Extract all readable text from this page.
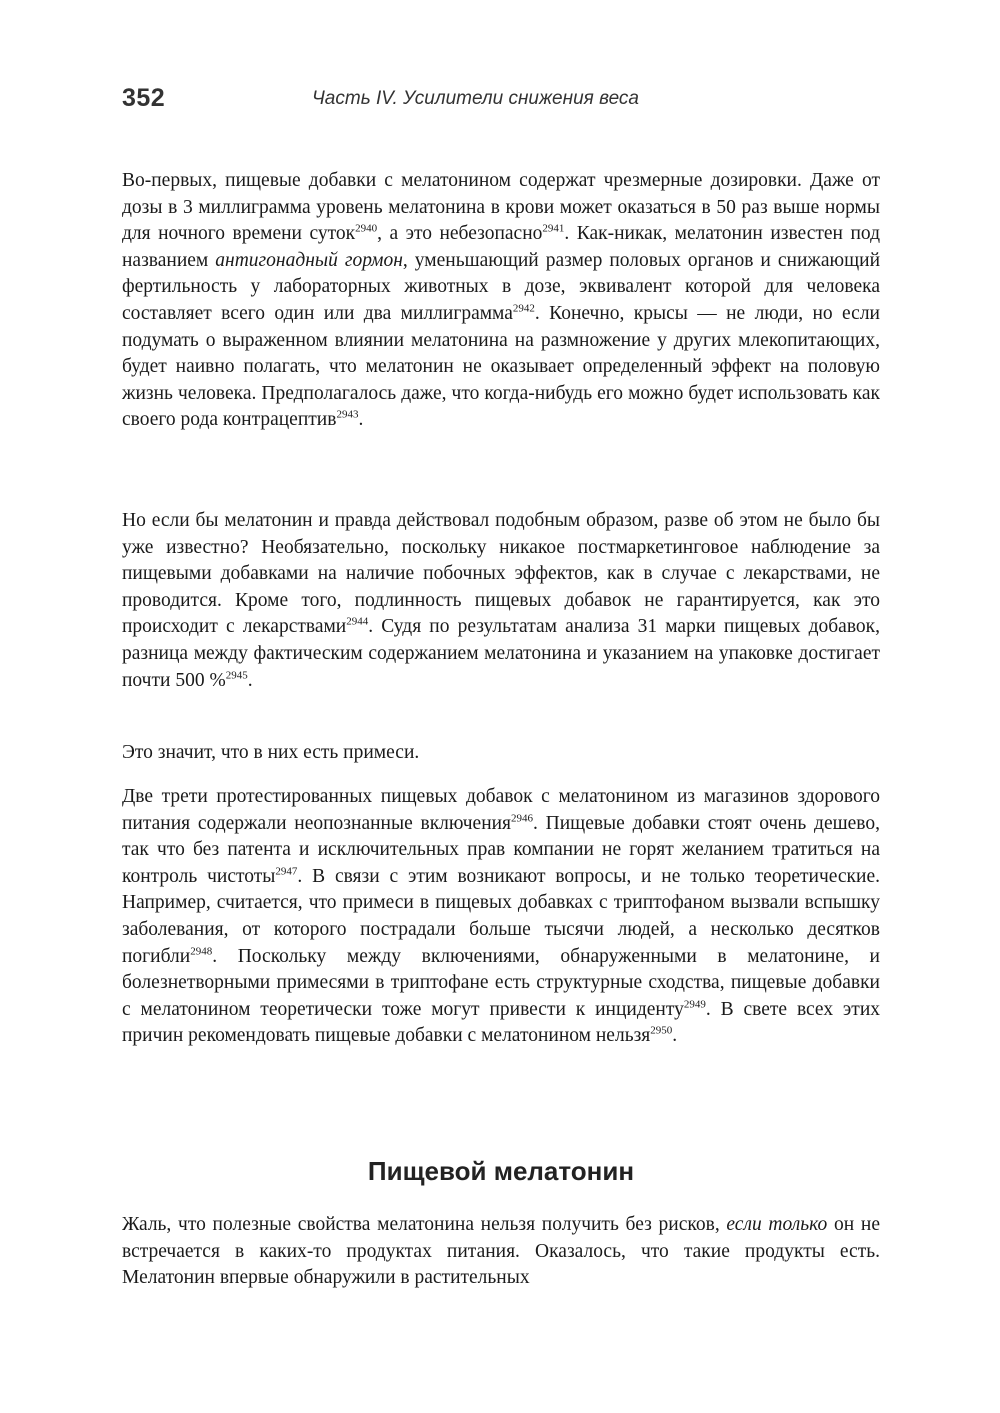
352	Часть IV. Усилители снижения веса

Во-первых, пищевые добавки с мелатонином содержат чрезмерные дозировки. Даже от дозы в 3 миллиграмма уровень мелатонина в крови может оказаться в 50 раз выше нормы для ночного времени суток$^{2940}$, а это небезопасно$^{2941}$. Как-никак, мелатонин известен под названием антигонадный гормон, уменьшающий размер половых органов и снижающий фертильность у лабораторных животных в дозе, эквивалент которой для человека составляет всего один или два миллиграмма$^{2942}$. Конечно, крысы — не люди, но если подумать о выраженном влиянии мелатонина на размножение у других млекопитающих, будет наивно полагать, что мелатонин не оказывает определенный эффект на половую жизнь человека. Предполагалось даже, что когда-нибудь его можно будет использовать как своего рода контрацептив$^{2943}$.

Но если бы мелатонин и правда действовал подобным образом, разве об этом не было бы уже известно? Необязательно, поскольку никакое постмаркетинговое наблюдение за пищевыми добавками на наличие побочных эффектов, как в случае с лекарствами, не проводится. Кроме того, подлинность пищевых добавок не гарантируется, как это происходит с лекарствами$^{2944}$. Судя по результатам анализа 31 марки пищевых добавок, разница между фактическим содержанием мелатонина и указанием на упаковке достигает почти 500 %$^{2945}$.

Это значит, что в них есть примеси.

Две трети протестированных пищевых добавок с мелатонином из магазинов здорового питания содержали неопознанные включения$^{2946}$. Пищевые добавки стоят очень дешево, так что без патента и исключительных прав компании не горят желанием тратиться на контроль чистоты$^{2947}$. В связи с этим возникают вопросы, и не только теоретические. Например, считается, что примеси в пищевых добавках с триптофаном вызвали вспышку заболевания, от которого пострадали больше тысячи людей, а несколько десятков погибли$^{2948}$. Поскольку между включениями, обнаруженными в мелатонине, и болезнетворными примесями в триптофане есть структурные сходства, пищевые добавки с мелатонином теоретически тоже могут привести к инциденту$^{2949}$. В свете всех этих причин рекомендовать пищевые добавки с мелатонином нельзя$^{2950}$.

Пищевой мелатонин

Жаль, что полезные свойства мелатонина нельзя получить без рисков, если только он не встречается в каких-то продуктах питания. Оказалось, что такие продукты есть. Мелатонин впервые обнаружили в растительных
